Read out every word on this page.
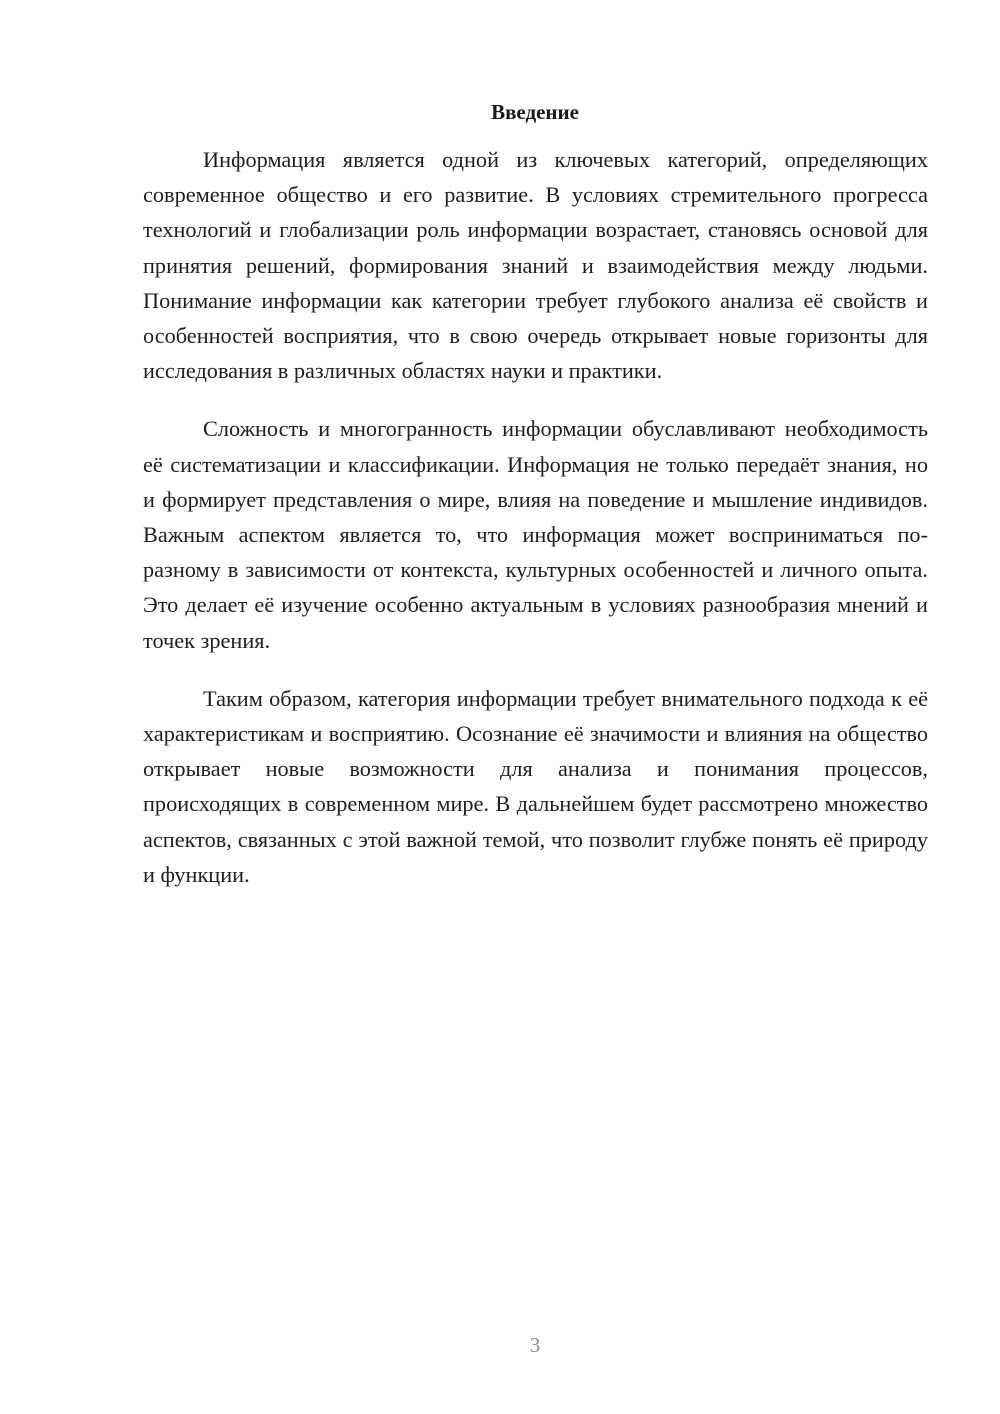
Введение

Информация является одной из ключевых категорий, определяющих современное общество и его развитие. В условиях стремительного прогресса технологий и глобализации роль информации возрастает, становясь основой для принятия решений, формирования знаний и взаимодействия между людьми. Понимание информации как категории требует глубокого анализа её свойств и особенностей восприятия, что в свою очередь открывает новые горизонты для исследования в различных областях науки и практики.

Сложность и многогранность информации обуславливают необходимость её систематизации и классификации. Информация не только передаёт знания, но и формирует представления о мире, влияя на поведение и мышление индивидов. Важным аспектом является то, что информация может восприниматься по-разному в зависимости от контекста, культурных особенностей и личного опыта. Это делает её изучение особенно актуальным в условиях разнообразия мнений и точек зрения.

Таким образом, категория информации требует внимательного подхода к её характеристикам и восприятию. Осознание её значимости и влияния на общество открывает новые возможности для анализа и понимания процессов, происходящих в современном мире. В дальнейшем будет рассмотрено множество аспектов, связанных с этой важной темой, что позволит глубже понять её природу и функции.

3
